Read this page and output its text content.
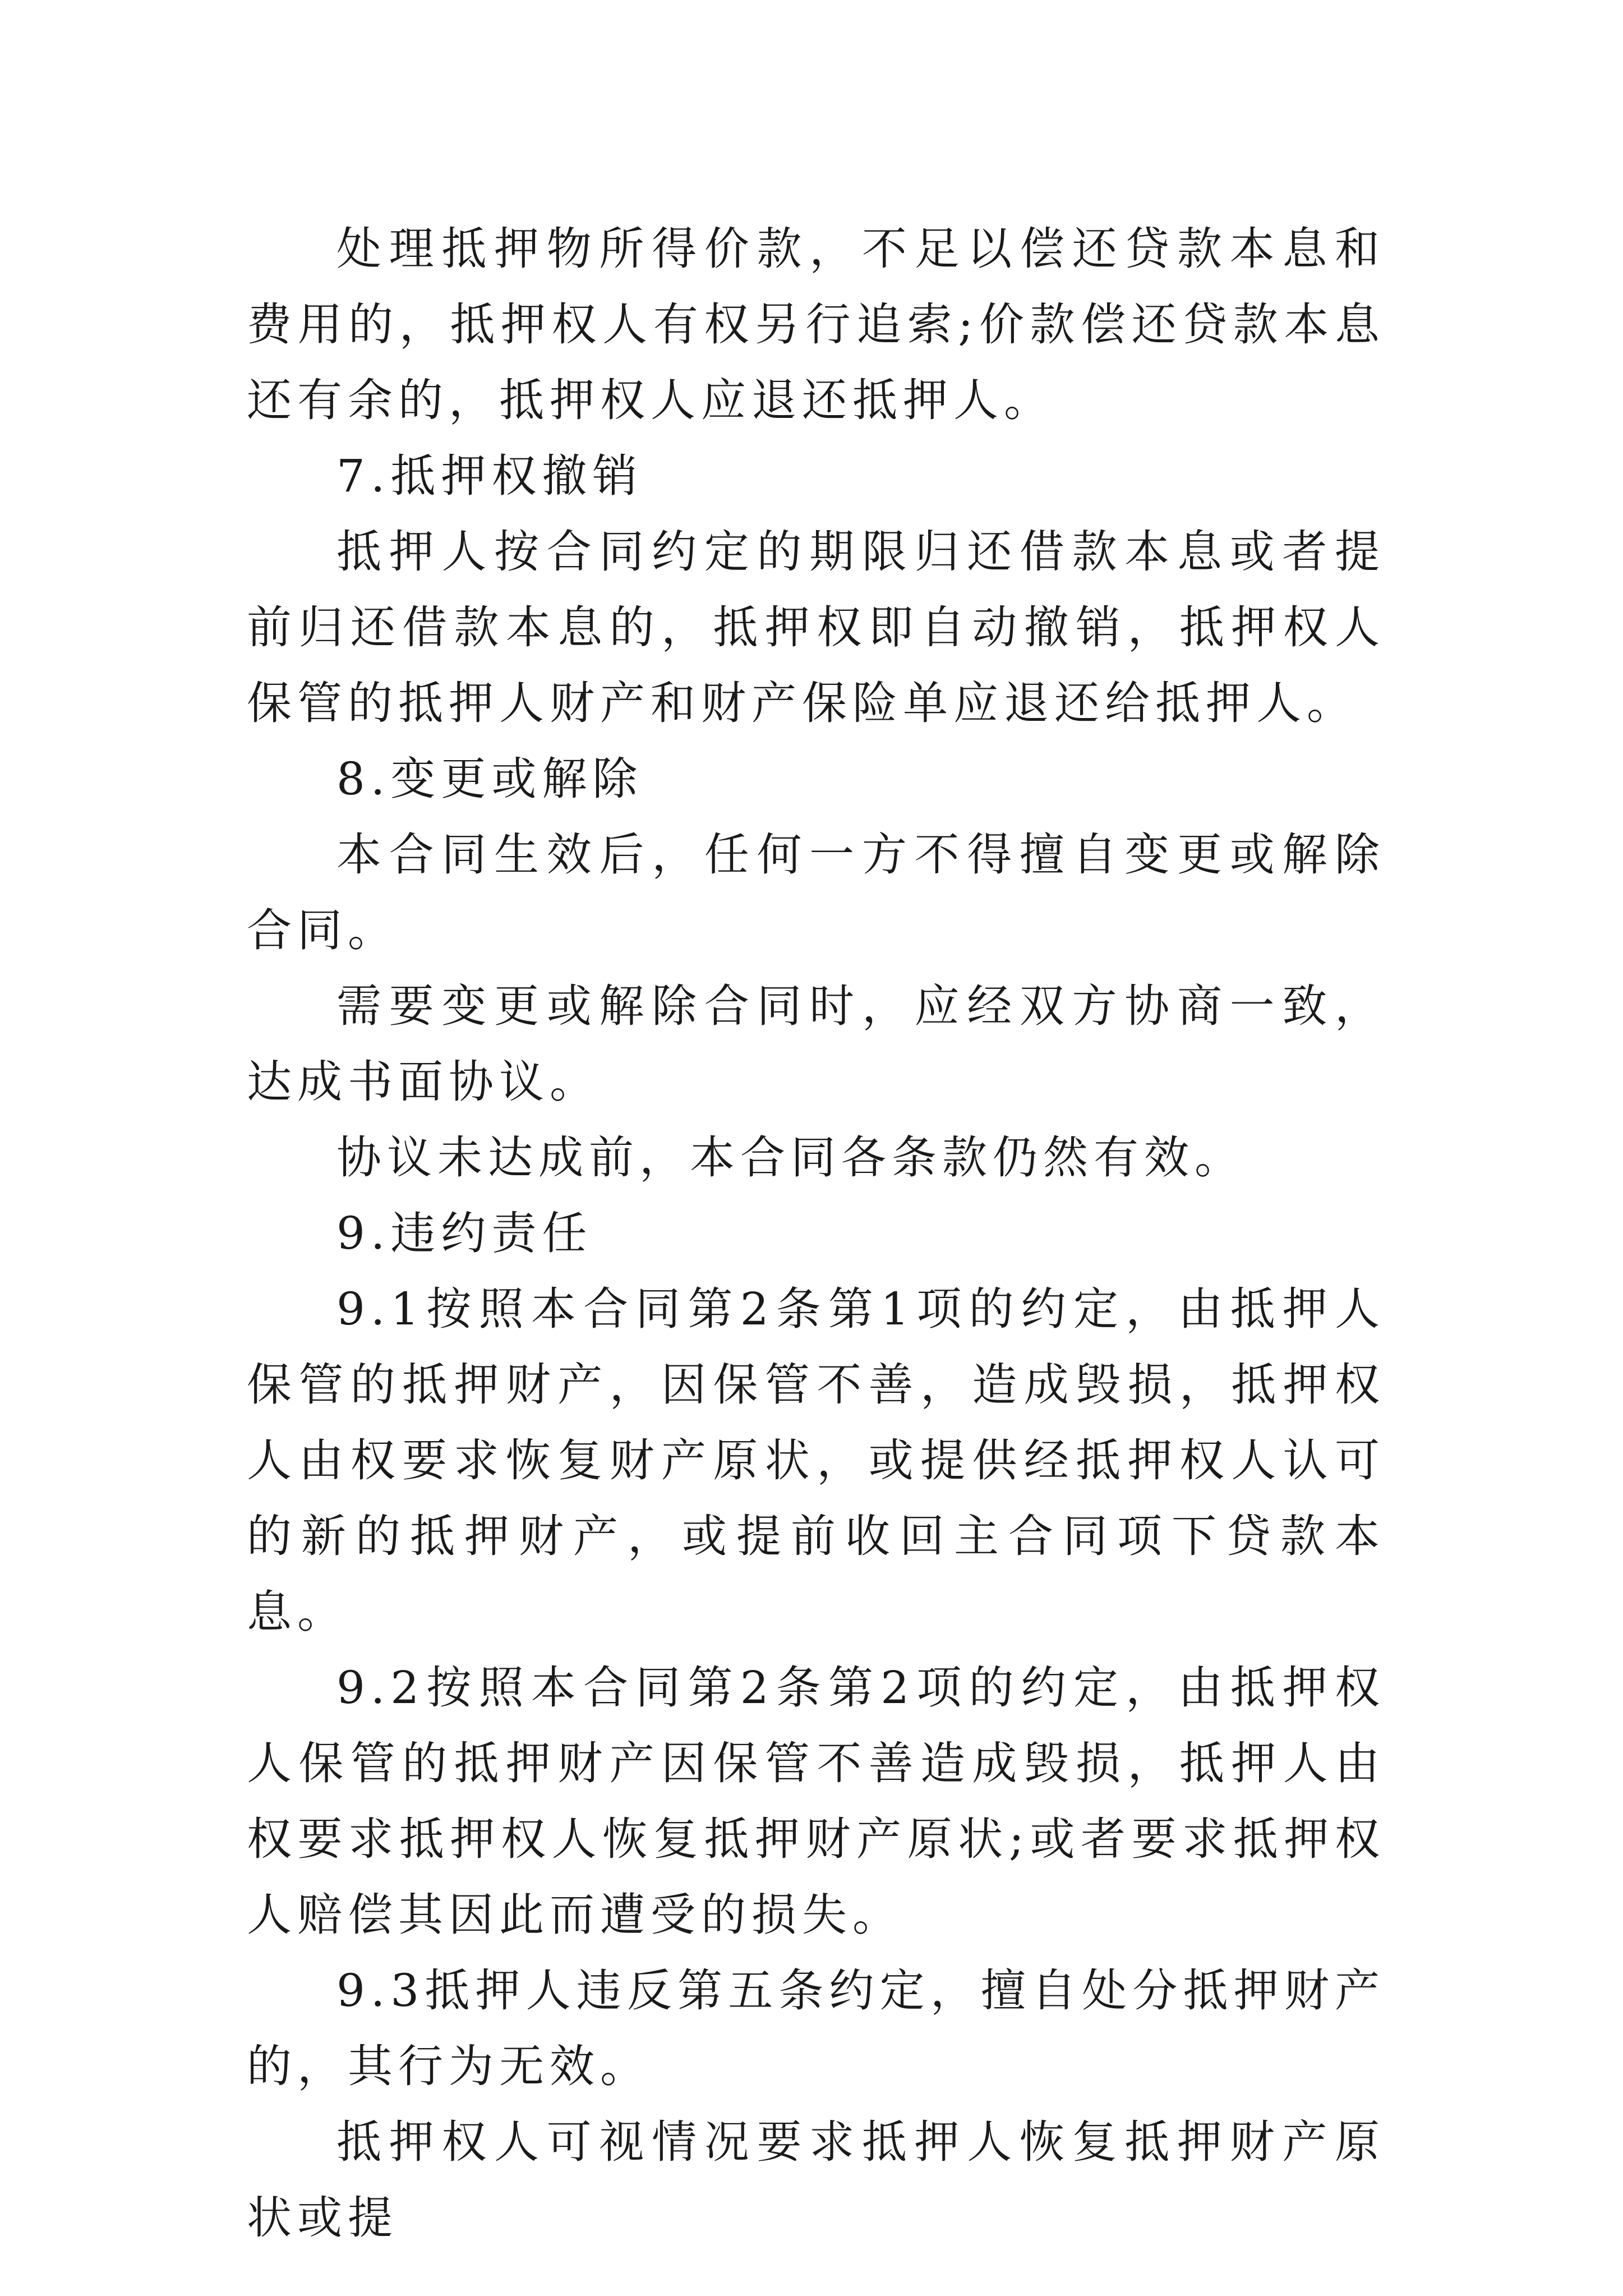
处理抵押物所得价款，不足以偿还贷款本息和费用的，抵押权人有权另行追索;价款偿还贷款本息还有余的，抵押权人应退还抵押人。

7.抵押权撤销

抵押人按合同约定的期限归还借款本息或者提前归还借款本息的，抵押权即自动撤销，抵押权人保管的抵押人财产和财产保险单应退还给抵押人。

8.变更或解除

本合同生效后，任何一方不得擅自变更或解除合同。

需要变更或解除合同时，应经双方协商一致，达成书面协议。

协议未达成前，本合同各条款仍然有效。

9.违约责任

9.1按照本合同第2条第1项的约定，由抵押人保管的抵押财产，因保管不善，造成毁损，抵押权人由权要求恢复财产原状，或提供经抵押权人认可的新的抵押财产，或提前收回主合同项下贷款本息。

9.2按照本合同第2条第2项的约定，由抵押权人保管的抵押财产因保管不善造成毁损，抵押人由权要求抵押权人恢复抵押财产原状;或者要求抵押权人赔偿其因此而遭受的损失。

9.3抵押人违反第五条约定，擅自处分抵押财产的，其行为无效。

抵押权人可视情况要求抵押人恢复抵押财产原状或提
